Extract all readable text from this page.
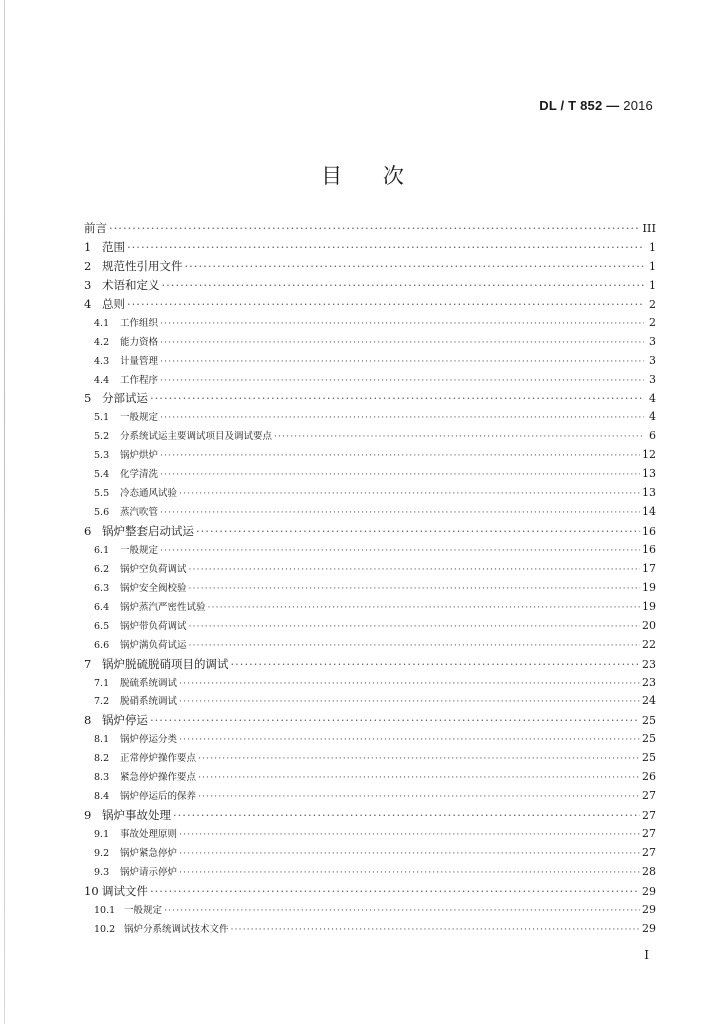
DL / T 852 — 2016
目 次
前言 ·····	III
1 范围 ·····	1
2 规范性引用文件 ·····	1
3 术语和定义 ·····	1
4 总则 ·····	2
4.1	工作组织 ·····	2
4.2	能力资格 ·····	3
4.3	计量管理 ·····	3
4.4	工作程序 ·····	3
5 分部试运 ·····	4
5.1	一般规定 ·····	4
5.2	分系统试运主要调试项目及调试要点 ·····	6
5.3	锅炉烘炉 ·····	12
5.4	化学清洗 ·····	13
5.5	冷态通风试验 ·····	13
5.6	蒸汽吹管 ·····	14
6 锅炉整套启动试运 ·····	16
6.1	一般规定 ·····	16
6.2	锅炉空负荷调试 ·····	17
6.3	锅炉安全阀校验 ·····	19
6.4	锅炉蒸汽严密性试验 ·····	19
6.5	锅炉带负荷调试 ·····	20
6.6	锅炉满负荷试运 ·····	22
7 锅炉脱硫脱硝项目的调试 ·····	23
7.1	脱硫系统调试 ·····	23
7.2	脱硝系统调试 ·····	24
8 锅炉停运 ·····	25
8.1	锅炉停运分类 ·····	25
8.2	正常停炉操作要点 ·····	25
8.3	紧急停炉操作要点 ·····	26
8.4	锅炉停运后的保养 ·····	27
9 锅炉事故处理 ·····	27
9.1	事故处理原则 ·····	27
9.2	锅炉紧急停炉 ·····	27
9.3	锅炉请示停炉 ·····	28
10 调试文件 ·····	29
10.1 一般规定 ·····	29
10.2 锅炉分系统调试技术文件 ·····	29
I
